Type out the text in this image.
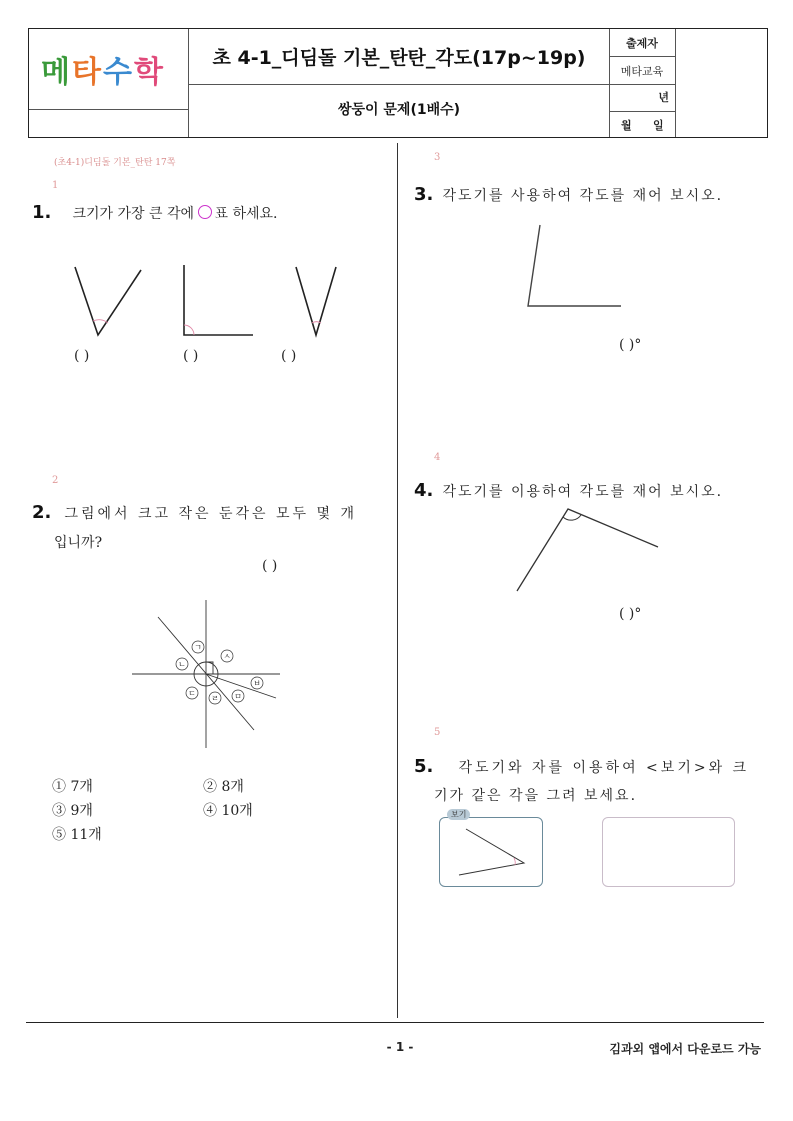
메타수학	초 4-1_디딤돌 기본_탄탄_각도(17p~19p)
쌍둥이 문제(1배수)
출제자
메타교육
년
월 일
(초4-1)디딤돌 기본_탄탄 17쪽
1
1. 크기가 가장 큰 각에 ○ 표 하세요.
( )	( )	( )
2
2. 그림에서 크고 작은 둔각은 모두 몇 개
입니까?
( )
ㄱ
ㄴ
ㄷ
ㄹ ㅁ
ㅂ
ㅅ
① 7개	② 8개
③ 9개	④ 10개
⑤ 11개
3
3. 각도기를 사용하여 각도를 재어 보시오.
( )°
4
4. 각도기를 이용하여 각도를 재어 보시오.
( )°
5
5. 각도기와 자를 이용하여 <보기>와 크
기가 같은 각을 그려 보세요.
보기
- 1 -	김과외 앱에서 다운로드 가능
